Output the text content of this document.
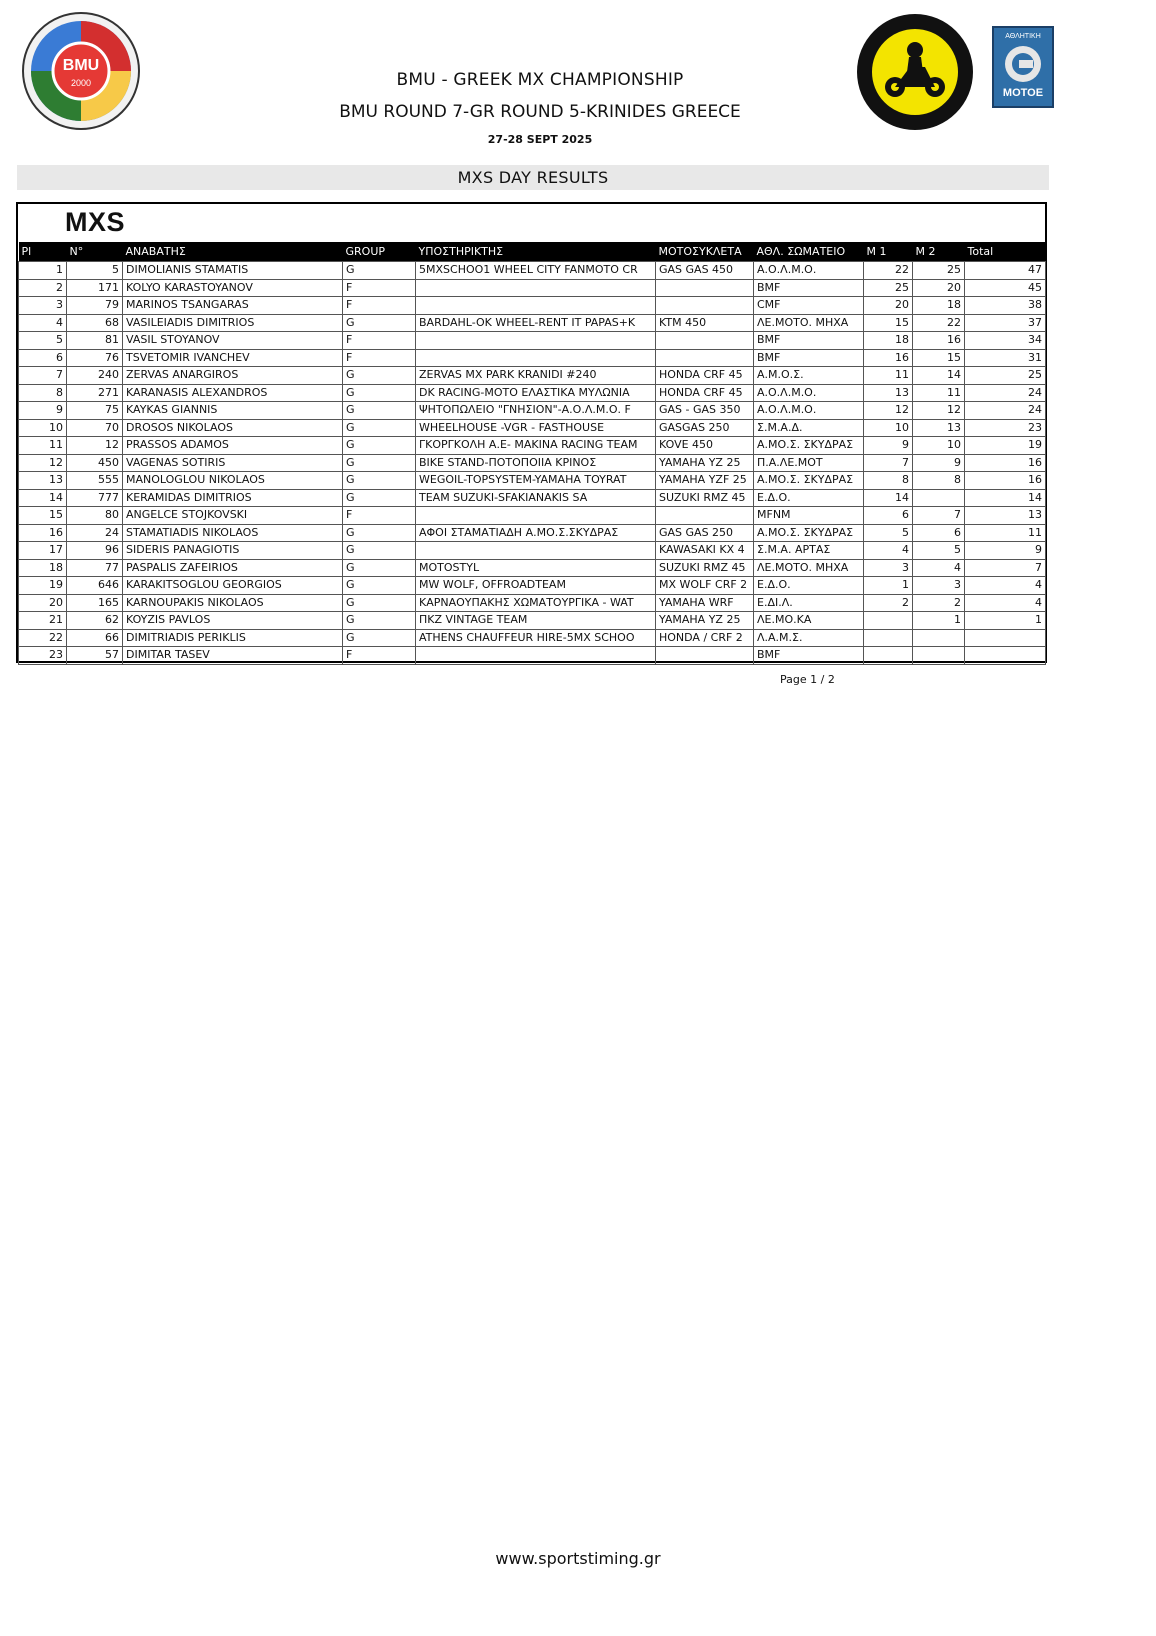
BMU
2000
ΑΘΛΗΤΙΚΗ
MOTOE
BMU - GREEK MX CHAMPIONSHIP
BMU ROUND 7-GR ROUND 5-KRINIDES GREECE
27-28 SEPT 2025
MXS DAY RESULTS
MXS
Pl	N°	ΑΝΑΒΑΤΗΣ	GROUP	ΥΠΟΣΤΗΡΙΚΤΗΣ	ΜΟΤΟΣΥΚΛΕΤΑ	ΑΘΛ. ΣΩΜΑΤΕΙΟ	M 1	M 2	Total
1	5	DIMOLIANIS STAMATIS	G	5MXSCHOO1 WHEEL CITY FANMOTO CR	GAS GAS 450	Α.Ο.Λ.Μ.Ο.	22	25	47
2	171	KOLYO KARASTOYANOV	F			BMF	25	20	45
3	79	MARINOS TSANGARAS	F			CMF	20	18	38
4	68	VASILEIADIS DIMITRIOS	G	BARDAHL-OK WHEEL-RENT IT PAPAS+K	KTM 450	ΛΕ.ΜΟΤΟ. ΜΗΧΑ	15	22	37
5	81	VASIL STOYANOV	F			BMF	18	16	34
6	76	TSVETOMIR IVANCHEV	F			BMF	16	15	31
7	240	ZERVAS ANARGIROS	G	ZERVAS MX PARK KRANIDI #240	HONDA CRF 45	Α.Μ.Ο.Σ.	11	14	25
8	271	KARANASIS ALEXANDROS	G	DK RACING-MOTO ΕΛΑΣΤΙΚΑ ΜΥΛΩΝΙΑ	HONDA CRF 45	Α.Ο.Λ.Μ.Ο.	13	11	24
9	75	KAYKAS GIANNIS	G	ΨΗΤΟΠΩΛΕΙΟ "ΓΝΗΣΙΟΝ"-Α.Ο.Λ.Μ.Ο. F	GAS - GAS 350	Α.Ο.Λ.Μ.Ο.	12	12	24
10	70	DROSOS NIKOLAOS	G	WHEELHOUSE -VGR - FASTHOUSE	GASGAS 250	Σ.Μ.Α.Δ.	10	13	23
11	12	PRASSOS ADAMOS	G	ΓΚΟΡΓΚΟΛΗ Α.Ε- MAKINA RACING TEAM	KOVE 450	Α.ΜΟ.Σ. ΣΚΥΔΡΑΣ	9	10	19
12	450	VAGENAS SOTIRIS	G	BIKE STAND-ΠΟΤΟΠΟΙΙΑ ΚΡΙΝΟΣ	YAMAHA YZ 25	Π.Α.ΛΕ.ΜΟΤ	7	9	16
13	555	MANOLOGLOU NIKOLAOS	G	WEGOIL-TOPSYSTEM-YAMAHA TOYRAT	YAMAHA YZF 25	Α.ΜΟ.Σ. ΣΚΥΔΡΑΣ	8	8	16
14	777	KERAMIDAS DIMITRIOS	G	TEAM SUZUKI-SFAKIANAKIS SA	SUZUKI RMZ 45	Ε.Δ.Ο.	14		14
15	80	ANGELCE STOJKOVSKI	F			MFNM	6	7	13
16	24	STAMATIADIS NIKOLAOS	G	ΑΦΟΙ ΣΤΑΜΑΤΙΑΔΗ Α.ΜΟ.Σ.ΣΚΥΔΡΑΣ	GAS GAS 250	Α.ΜΟ.Σ. ΣΚΥΔΡΑΣ	5	6	11
17	96	SIDERIS PANAGIOTIS	G		KAWASAKI KX 4	Σ.Μ.Α. ΑΡΤΑΣ	4	5	9
18	77	PASPALIS ZAFEIRIOS	G	MOTOSTYL	SUZUKI RMZ 45	ΛΕ.ΜΟΤΟ. ΜΗΧΑ	3	4	7
19	646	KARAKITSOGLOU GEORGIOS	G	MW WOLF, OFFROADTEAM	MX WOLF CRF 2	Ε.Δ.Ο.	1	3	4
20	165	KARNOUPAKIS NIKOLAOS	G	ΚΑΡΝΑΟΥΠΑΚΗΣ ΧΩΜΑΤΟΥΡΓΙΚΑ - WAT	YAMAHA WRF	Ε.ΔΙ.Λ.	2	2	4
21	62	KOYZIS PAVLOS	G	ΠΚΖ VINTAGE TEAM	YAMAHA YZ 25	ΛΕ.ΜΟ.ΚΑ		1	1
22	66	DIMITRIADIS PERIKLIS	G	ATHENS CHAUFFEUR HIRE-5MX SCHOO	HONDA / CRF 2	Λ.Α.Μ.Σ.			
23	57	DIMITAR TASEV	F			BMF			
Page 1 / 2
www.sportstiming.gr
